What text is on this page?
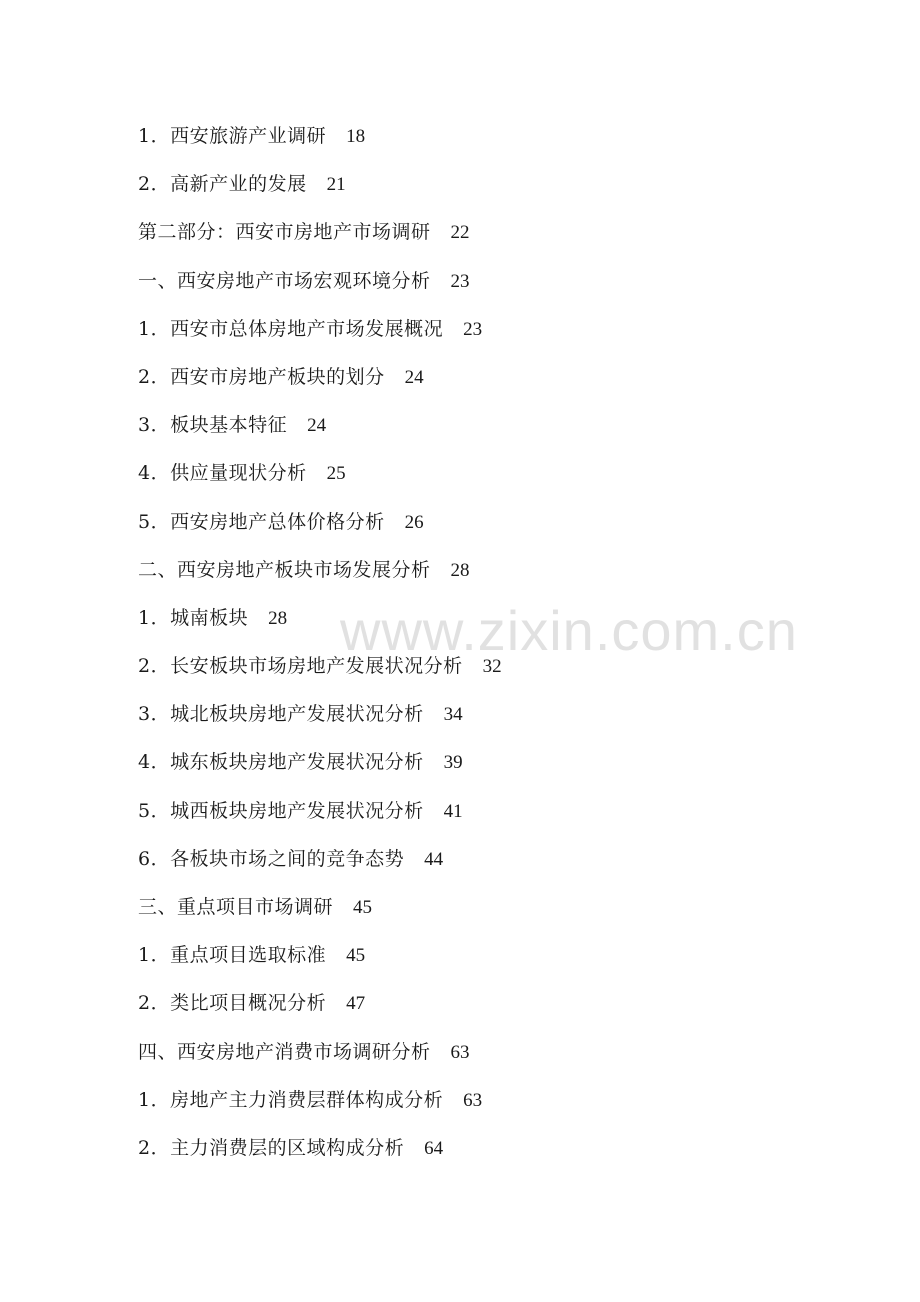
1．西安旅游产业调研 18
2．高新产业的发展 21
第二部分：西安市房地产市场调研 22
一、西安房地产市场宏观环境分析 23
1．西安市总体房地产市场发展概况 23
2．西安市房地产板块的划分 24
3．板块基本特征 24
4．供应量现状分析 25
5．西安房地产总体价格分析 26
二、西安房地产板块市场发展分析 28
1．城南板块 28
2．长安板块市场房地产发展状况分析 32
3．城北板块房地产发展状况分析 34
4．城东板块房地产发展状况分析 39
5．城西板块房地产发展状况分析 41
6．各板块市场之间的竞争态势 44
三、重点项目市场调研 45
1．重点项目选取标准 45
2．类比项目概况分析 47
四、西安房地产消费市场调研分析 63
1．房地产主力消费层群体构成分析 63
2．主力消费层的区域构成分析 64
www.zixin.com.cn
